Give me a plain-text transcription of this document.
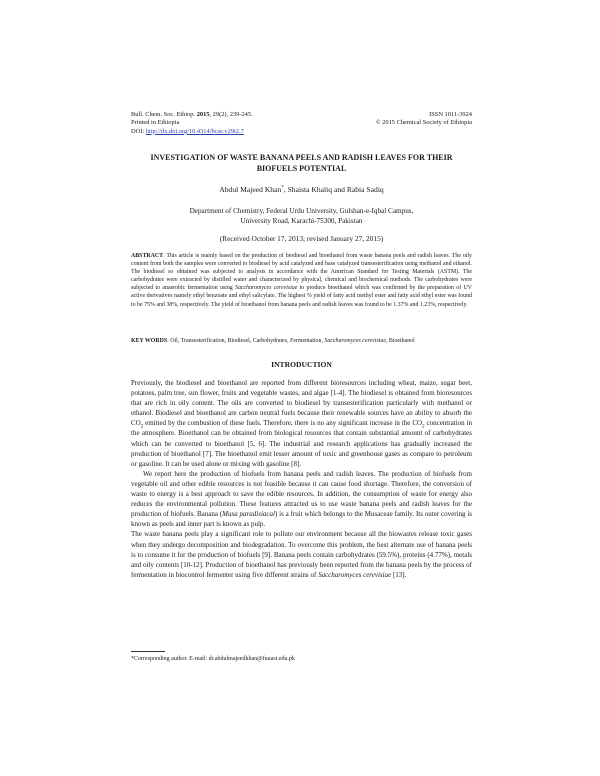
Bull. Chem. Soc. Ethiop. 2015, 29(2), 239-245.	ISSN 1011-3924
Printed in Ethiopia	© 2015 Chemical Society of Ethiopia
DOI: http://dx.doi.org/10.4314/bcse.v29i2.7
INVESTIGATION OF WASTE BANANA PEELS AND RADISH LEAVES FOR THEIR BIOFUELS POTENTIAL
Abdul Majeed Khan*, Shaista Khaliq and Rabia Sadiq
Department of Chemistry, Federal Urdu University, Gulshan-e-Iqbal Campus,
University Road, Karachi-75300, Pakistan
(Received October 17, 2013; revised January 27, 2015)
ABSTRACT. This article is mainly based on the production of biodiesel and bioethanol from waste banana peels and radish leaves. The oily content from both the samples were converted to biodiesel by acid catalyzed and base catalyzed transesterification using methanol and ethanol. The biodiesel so obtained was subjected to analysis in accordance with the American Standard for Testing Materials (ASTM). The carbohydrates were extracted by distilled water and characterized by physical, chemical and biochemical methods. The carbohydrates were subjected to anaerobic fermentation using Saccharomyces cerevisiae to produce bioethanol which was confirmed by the preparation of UV active derivatives namely ethyl benzoate and ethyl salicylate. The highest % yield of fatty acid methyl ester and fatty acid ethyl ester was found to be 75% and 38%, respectively. The yield of bioethanol from banana peels and radish leaves was found to be 1.37% and 1.23%, respectively.
KEY WORDS: Oil, Transesterification, Biodiesel, Carbohydrates, Fermentation, Saccharomyces cerevisiae, Bioethanol
INTRODUCTION

Previously, the biodiesel and bioethanol are reported from different bioresources including wheat, maize, sugar beet, potatoes, palm tree, sun flower, fruits and vegetable wastes, and algae [1-4]. The biodiesel is obtained from bioresources that are rich in oily content. The oils are converted to biodiesel by transesterification particularly with methanol or ethanol. Biodiesel and bioethanol are carbon neutral fuels because their renewable sources have an ability to absorb the $CO_2$ emitted by the combustion of these fuels. Therefore, there is no any significant increase in the $CO_2$ concentration in the atmosphere. Bioethanol can be obtained from biological resources that contain substantial amount of carbohydrates which can be converted to bioethanol [5, 6]. The industrial and research applications has gradually increased the production of bioethanol [7]. The bioethanol emit lesser amount of toxic and greenhouse gases as compare to petroleum or gasoline. It can be used alone or mixing with gasoline [8].

We report here the production of biofuels from banana peels and radish leaves. The production of biofuels from vegetable oil and other edible resources is not feasible because it can cause food shortage. Therefore, the conversion of waste to energy is a best approach to save the edible resources. In addition, the consumption of waste for energy also reduces the environmental pollution. These features attracted us to use waste banana peels and radish leaves for the production of biofuels. Banana (Musa paradisiacal) is a fruit which belongs to the Musaceae family. Its outer covering is known as peels and inner part is known as pulp.

The waste banana peels play a significant role to pollute our environment because all the biowastes release toxic gases when they undergo decomposition and biodegradation. To overcome this problem, the best alternate use of banana peels is to consume it for the production of biofuels [9]. Banana peels contain carbohydrates (59.5%), proteins (4.77%), metals and oily contents [10-12]. Production of bioethanol has previously been reported from the banana peels by the process of fermentation in biocontrol fermenter using five different strains of Saccharomyces cerevisiae [13].

*Corresponding author. E-mail: dr.abdulmajeedkhan@fuuast.edu.pk
